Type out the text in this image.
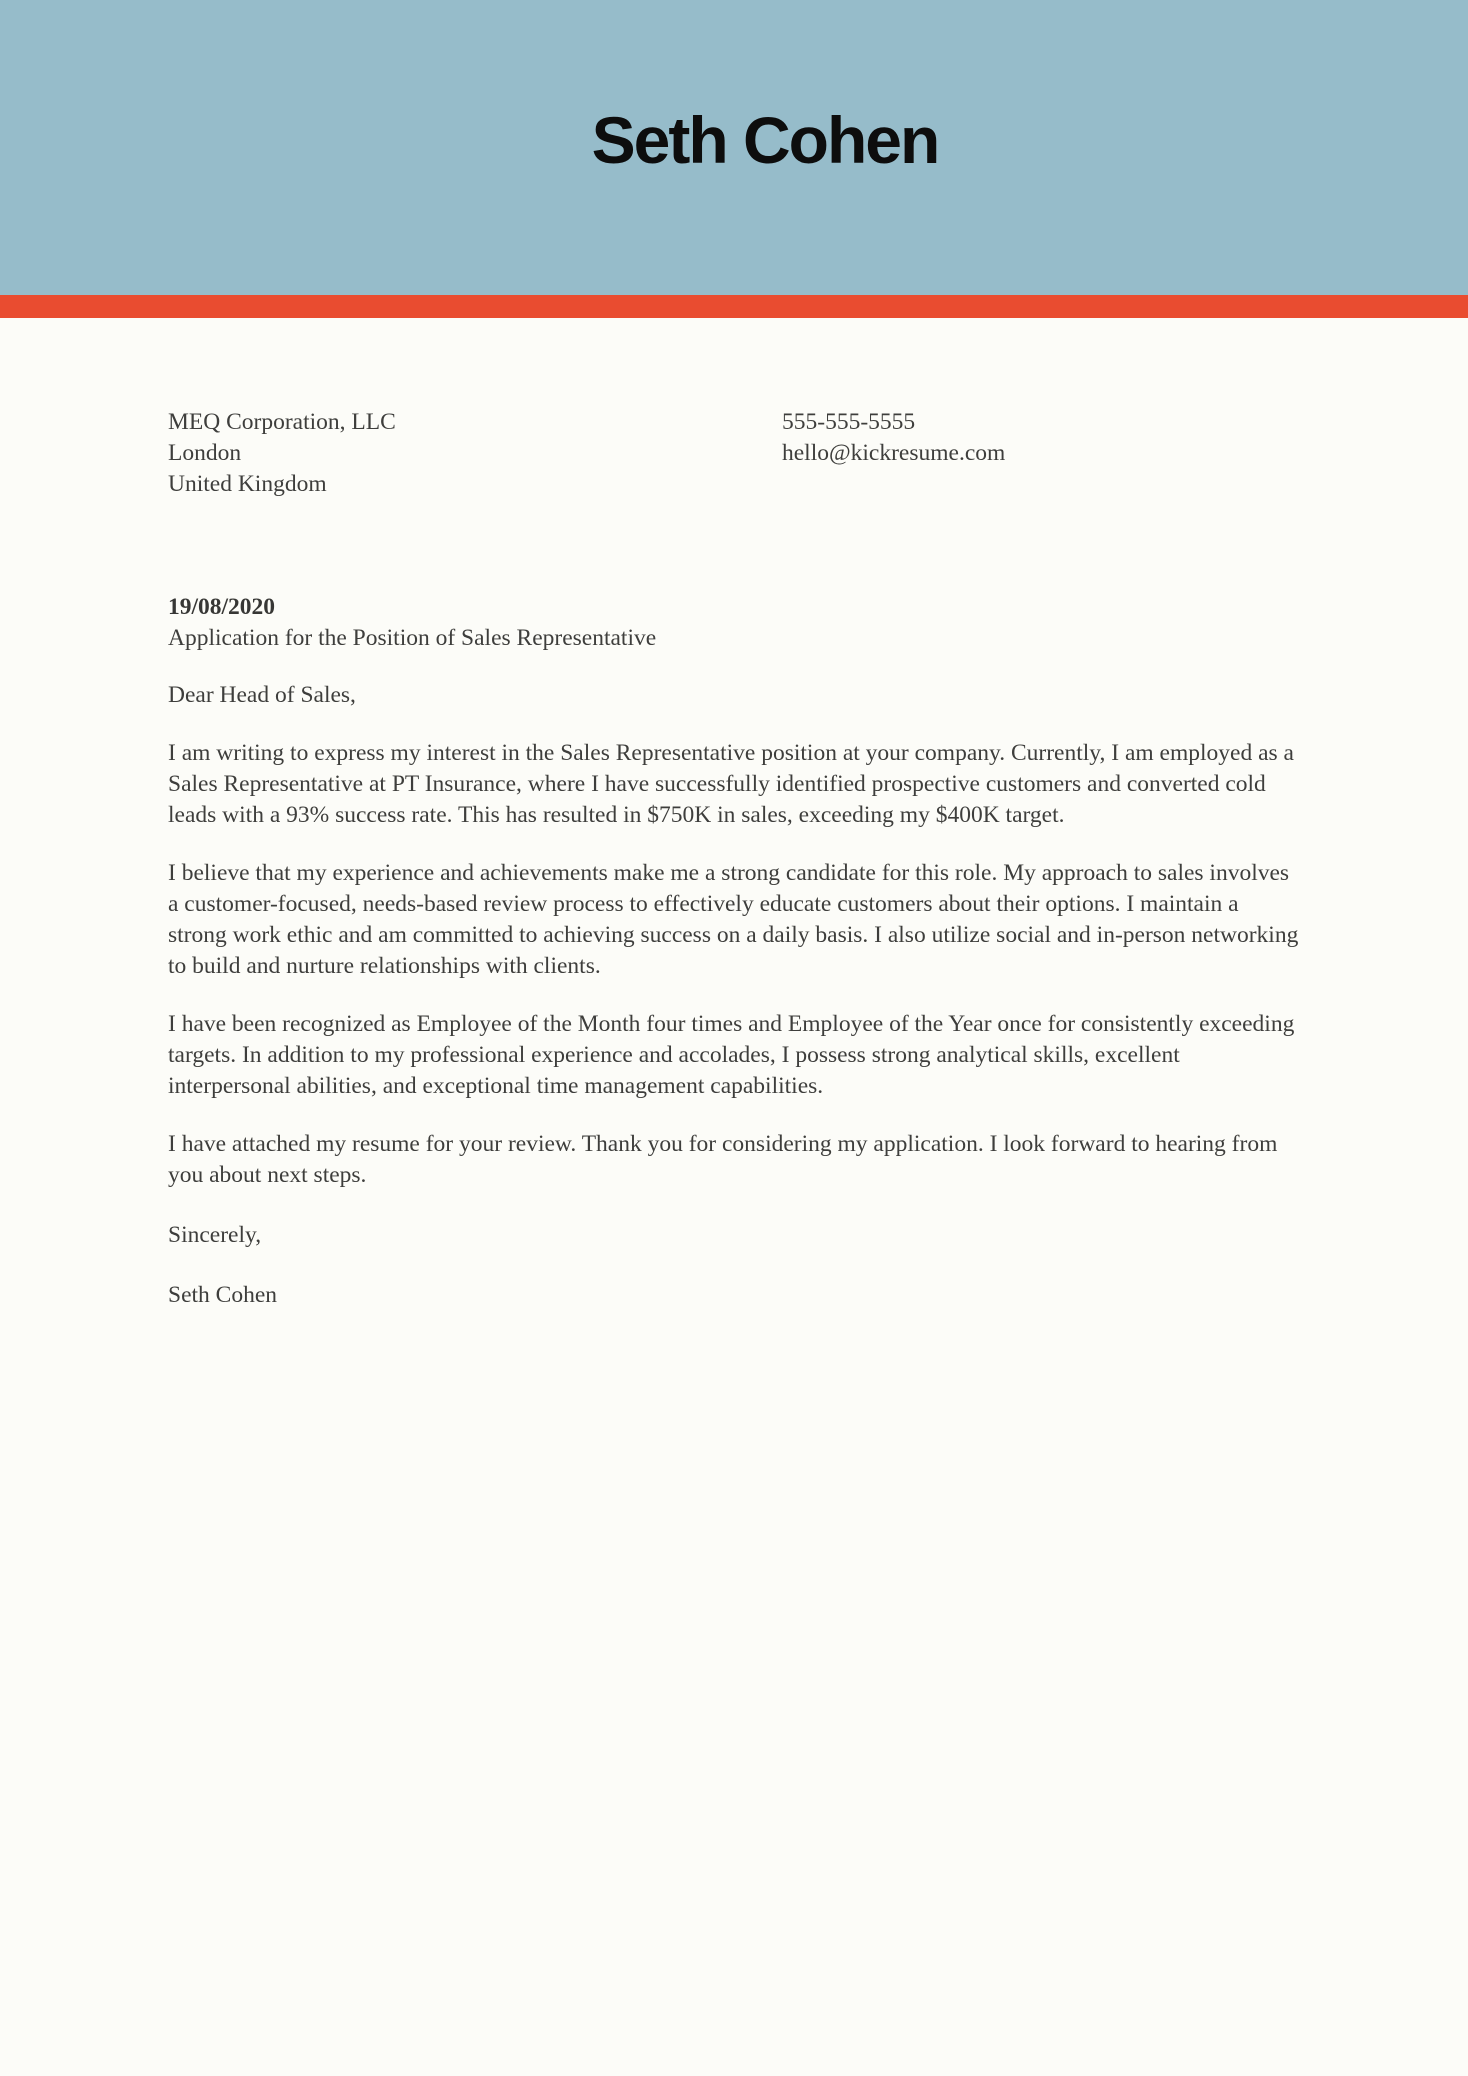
Seth Cohen

MEQ Corporation, LLC

London

United Kingdom

555-555-5555

hello@kickresume.com

19/08/2020

Application for the Position of Sales Representative

Dear Head of Sales,

I am writing to express my interest in the Sales Representative position at your company. Currently, I am employed as a Sales Representative at PT Insurance, where I have successfully identified prospective customers and converted cold leads with a 93% success rate. This has resulted in $750K in sales, exceeding my $400K target.

I believe that my experience and achievements make me a strong candidate for this role. My approach to sales involves a customer-focused, needs-based review process to effectively educate customers about their options. I maintain a strong work ethic and am committed to achieving success on a daily basis. I also utilize social and in-person networking to build and nurture relationships with clients.

I have been recognized as Employee of the Month four times and Employee of the Year once for consistently exceeding targets. In addition to my professional experience and accolades, I possess strong analytical skills, excellent interpersonal abilities, and exceptional time management capabilities.

I have attached my resume for your review. Thank you for considering my application. I look forward to hearing from you about next steps.

Sincerely,

Seth Cohen
